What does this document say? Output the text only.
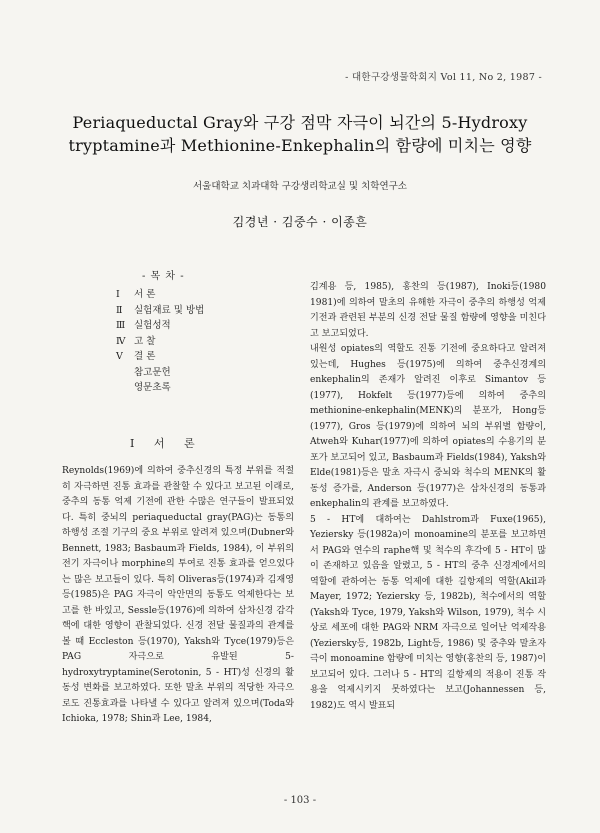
- 대한구강생물학회지 Vol 11, No 2, 1987 -
Periaqueductal Gray와 구강 점막 자극이 뇌간의 5-Hydroxy
tryptamine과 Methionine-Enkephalin의 함량에 미치는 영향
서울대학교 치과대학 구강생리학교실 및 치학연구소
김경년 · 김중수 · 이종흔
- 목 차 -
Ⅰ 서 론
Ⅱ 실험재료 및 방법
Ⅲ 실험성적
Ⅳ 고 찰
Ⅴ 결 론
참고문헌
영문초록
Ⅰ 서 론

Reynolds(1969)에 의하여 중추신경의 특정 부위를 적절히 자극하면 진통 효과를 관찰할 수 있다고 보고된 이래로, 중추의 동통 억제 기전에 관한 수많은 연구들이 발표되었다. 특히 중뇌의 periaqueductal gray(PAG)는 동통의 하행성 조절 기구의 중요 부위로 알려져 있으며(Dubner와 Bennett, 1983; Basbaum과 Fields, 1984), 이 부위의 전기 자극이나 morphine의 투여로 진통 효과를 얻으었다는 많은 보고들이 있다. 특히 Oliveras등(1974)과 김재영 등(1985)은 PAG 자극이 악안면의 동통도 억제한다는 보고를 한 바있고, Sessle등(1976)에 의하여 삼차신경 감각핵에 대한 영향이 관찰되었다. 신경 전달 물질과의 관계를 볼 때 Eccleston 등(1970), Yaksh와 Tyce(1979)등은 PAG 자극으로 유발된 5-hydroxytryptamine(Serotonin, 5 - HT)성 신경의 활동성 변화를 보고하였다. 또한 말초 부위의 적당한 자극으로도 진통효과를 나타낼 수 있다고 알려져 있으며(Toda와 Ichioka, 1978; Shin과 Lee, 1984,

김계용 등, 1985), 홍찬의 등(1987), Inoki등(1980 1981)에 의하여 말초의 유해한 자극이 중추의 하행성 억제 기전과 관련된 부분의 신경 전달 물질 함량에 영향을 미친다고 보고되었다.

내원성 opiates의 역할도 진통 기전에 중요하다고 알려져 있는데, Hughes 등(1975)에 의하여 중추신경계의 enkephalin의 존재가 알려진 이후로 Simantov 등(1977), Hokfelt 등(1977)등에 의하여 중추의 methionine-enkephalin(MENK)의 분포가, Hong등(1977), Gros 등(1979)에 의하여 뇌의 부위별 함량이, Atweh와 Kuhar(1977)에 의하여 opiates의 수용기의 분포가 보고되어 있고, Basbaum과 Fields(1984), Yaksh와 Elde(1981)등은 말초 자극시 중뇌와 척수의 MENK의 활동성 증가를, Anderson 등(1977)은 삼차신경의 동통과 enkephalin의 관계를 보고하였다.

5 - HT에 대하여는 Dahlstrom과 Fuxe(1965), Yeziersky 등(1982a)이 monoamine의 분포를 보고하면서 PAG와 연수의 raphe핵 및 척수의 후각에 5 - HT이 많이 존재하고 있음을 알렸고, 5 - HT의 중추 신경계에서의 역할에 관하여는 동통 억제에 대한 길항제의 역할(Akil과 Mayer, 1972; Yeziersky 등, 1982b), 척수에서의 역할(Yaksh와 Tyce, 1979, Yaksh와 Wilson, 1979), 척수 시상로 세포에 대한 PAG와 NRM 자극으로 일어난 억제작용(Yeziersky등, 1982b, Light등, 1986) 및 중추와 말초자극이 monoamine 함량에 미치는 영향(홍찬의 등, 1987)이 보고되어 있다. 그러나 5 - HT의 길항제의 적용이 진통 작용을 억제시키지 못하였다는 보고(Johannessen 등, 1982)도 역시 발표되

- 103 -
